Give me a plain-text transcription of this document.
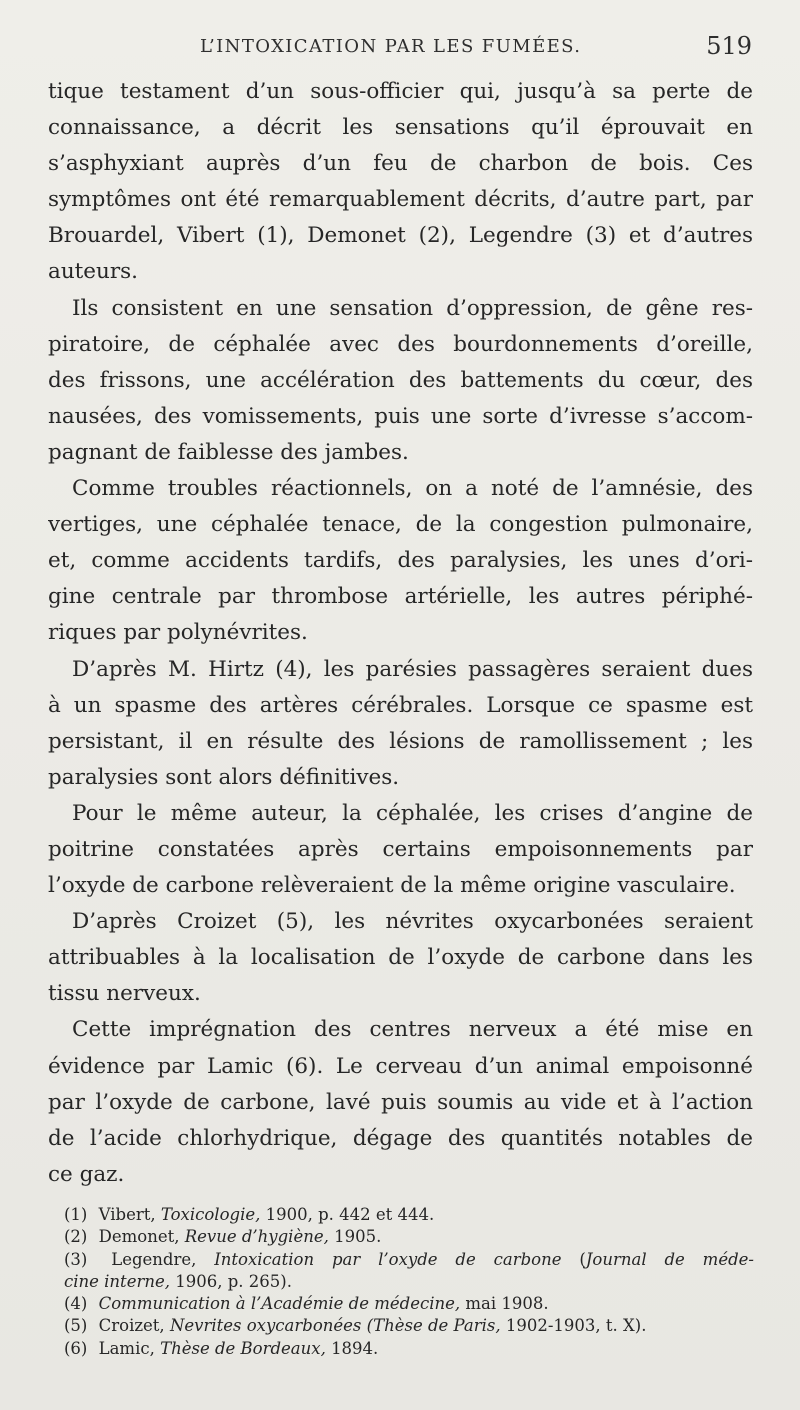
L’INTOXICATION PAR LES FUMÉES.	519
tique testament d’un sous-officier qui, jusqu’à sa perte de
connaissance, a décrit les sensations qu’il éprouvait en
s’asphyxiant auprès d’un feu de charbon de bois. Ces
symptômes ont été remarquablement décrits, d’autre part, par
Brouardel, Vibert (1), Demonet (2), Legendre (3) et d’autres
auteurs.
Ils consistent en une sensation d’oppression, de gêne res-
piratoire, de céphalée avec des bourdonnements d’oreille,
des frissons, une accélération des battements du cœur, des
nausées, des vomissements, puis une sorte d’ivresse s’accom-
pagnant de faiblesse des jambes.
Comme troubles réactionnels, on a noté de l’amnésie, des
vertiges, une céphalée tenace, de la congestion pulmonaire,
et, comme accidents tardifs, des paralysies, les unes d’ori-
gine centrale par thrombose artérielle, les autres périphé-
riques par polynévrites.
D’après M. Hirtz (4), les parésies passagères seraient dues
à un spasme des artères cérébrales. Lorsque ce spasme est
persistant, il en résulte des lésions de ramollissement ; les
paralysies sont alors définitives.
Pour le même auteur, la céphalée, les crises d’angine de
poitrine constatées après certains empoisonnements par
l’oxyde de carbone relèveraient de la même origine vasculaire.
D’après Croizet (5), les névrites oxycarbonées seraient
attribuables à la localisation de l’oxyde de carbone dans les
tissu nerveux.
Cette imprégnation des centres nerveux a été mise en
évidence par Lamic (6). Le cerveau d’un animal empoisonné
par l’oxyde de carbone, lavé puis soumis au vide et à l’action
de l’acide chlorhydrique, dégage des quantités notables de
ce gaz.
(1) Vibert, Toxicologie, 1900, p. 442 et 444.
(2) Demonet, Revue d’hygiène, 1905.
(3) Legendre, Intoxication par l’oxyde de carbone (Journal de méde-
cine interne, 1906, p. 265).
(4) Communication à l’Académie de médecine, mai 1908.
(5) Croizet, Nevrites oxycarbonées (Thèse de Paris, 1902-1903, t. X).
(6) Lamic, Thèse de Bordeaux, 1894.
